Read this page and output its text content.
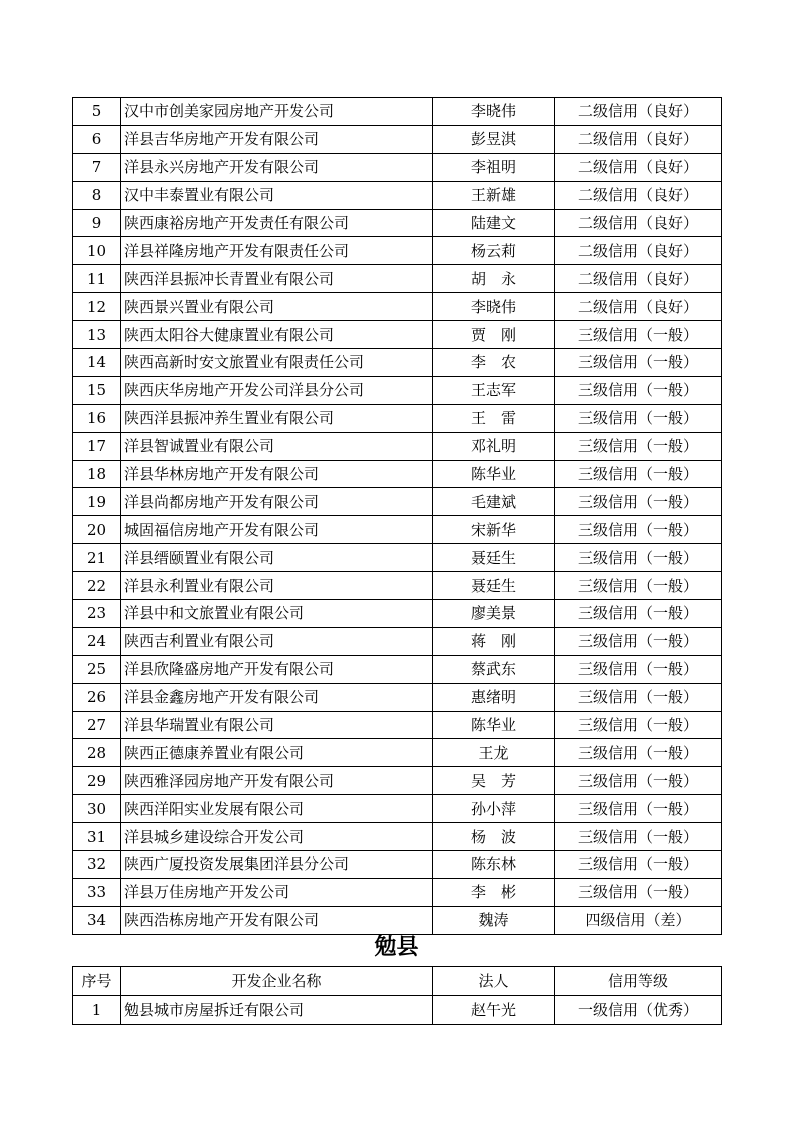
5	汉中市创美家园房地产开发公司	李晓伟	二级信用（良好）
6	洋县吉华房地产开发有限公司	彭昱淇	二级信用（良好）
7	洋县永兴房地产开发有限公司	李祖明	二级信用（良好）
8	汉中丰泰置业有限公司	王新雄	二级信用（良好）
9	陕西康裕房地产开发责任有限公司	陆建文	二级信用（良好）
10	洋县祥隆房地产开发有限责任公司	杨云莉	二级信用（良好）
11	陕西洋县振冲长青置业有限公司	胡　永	二级信用（良好）
12	陕西景兴置业有限公司	李晓伟	二级信用（良好）
13	陕西太阳谷大健康置业有限公司	贾　刚	三级信用（一般）
14	陕西高新时安文旅置业有限责任公司	李　农	三级信用（一般）
15	陕西庆华房地产开发公司洋县分公司	王志军	三级信用（一般）
16	陕西洋县振冲养生置业有限公司	王　雷	三级信用（一般）
17	洋县智诚置业有限公司	邓礼明	三级信用（一般）
18	洋县华林房地产开发有限公司	陈华业	三级信用（一般）
19	洋县尚都房地产开发有限公司	毛建斌	三级信用（一般）
20	城固福信房地产开发有限公司	宋新华	三级信用（一般）
21	洋县缙颐置业有限公司	聂廷生	三级信用（一般）
22	洋县永利置业有限公司	聂廷生	三级信用（一般）
23	洋县中和文旅置业有限公司	廖美景	三级信用（一般）
24	陕西吉利置业有限公司	蒋　刚	三级信用（一般）
25	洋县欣隆盛房地产开发有限公司	蔡武东	三级信用（一般）
26	洋县金鑫房地产开发有限公司	惠绪明	三级信用（一般）
27	洋县华瑞置业有限公司	陈华业	三级信用（一般）
28	陕西正德康养置业有限公司	王龙	三级信用（一般）
29	陕西雅泽园房地产开发有限公司	吴　芳	三级信用（一般）
30	陕西洋阳实业发展有限公司	孙小萍	三级信用（一般）
31	洋县城乡建设综合开发公司	杨　波	三级信用（一般）
32	陕西广厦投资发展集团洋县分公司	陈东林	三级信用（一般）
33	洋县万佳房地产开发公司	李　彬	三级信用（一般）
34	陕西浩栋房地产开发有限公司	魏涛	四级信用（差）
勉县
序号	开发企业名称	法人	信用等级
1	勉县城市房屋拆迁有限公司	赵午光	一级信用（优秀）
